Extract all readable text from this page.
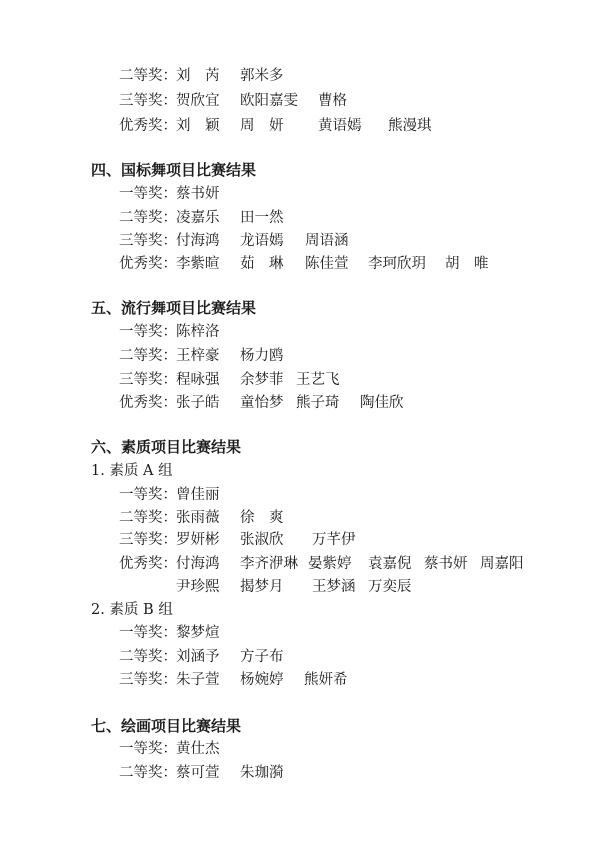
二等奖： 刘　芮 郭米多
三等奖： 贺欣宜 欧阳嘉雯 曹格
优秀奖： 刘　颖 周　妍 黄语嫣 熊漫琪
四、国标舞项目比赛结果
一等奖： 蔡书妍
二等奖： 凌嘉乐 田一然
三等奖： 付海鸿 龙语嫣 周语涵
优秀奖： 李紫暄 茹　琳 陈佳萱 李珂欣玥 胡　唯
五、流行舞项目比赛结果
一等奖： 陈梓洛
二等奖： 王梓豪 杨力鸥
三等奖： 程咏强 余梦菲 王艺飞
优秀奖： 张子皓 童怡梦 熊子琦 陶佳欣
六、素质项目比赛结果
1. 素质 A 组
一等奖： 曾佳丽
二等奖： 张雨薇 徐　爽
三等奖： 罗妍彬 张淑欣 万芊伊
优秀奖： 付海鸿 李齐洢琳 晏紫婷 袁嘉倪 蔡书妍 周嘉阳
尹珍熙 揭梦月 王梦涵 万奕辰
2. 素质 B 组
一等奖： 黎梦煊
二等奖： 刘涵予 方子布
三等奖： 朱子萱 杨婉婷 熊妍希
七、绘画项目比赛结果
一等奖： 黄仕杰
二等奖： 蔡可萱 朱珈漪
